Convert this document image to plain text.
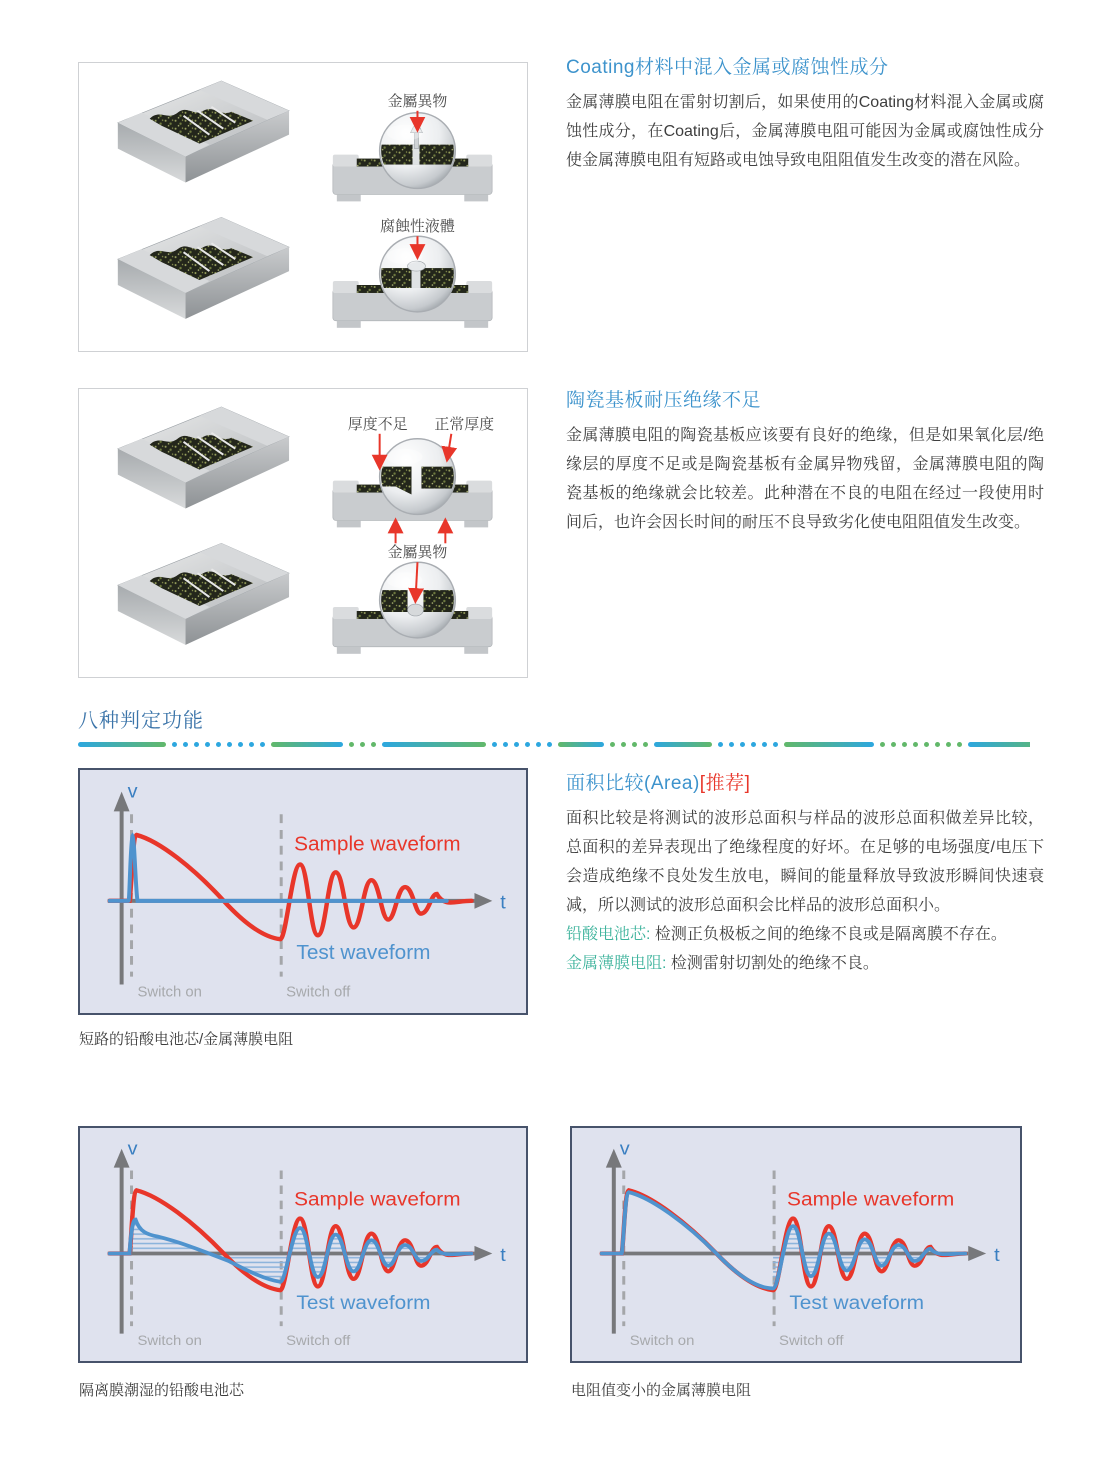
金屬異物
腐蝕性液體
Coating材料中混入金属或腐蚀性成分

金属薄膜电阻在雷射切割后，如果使用的Coating材料混入金属或腐蚀性成分，在Coating后，金属薄膜电阻可能因为金属或腐蚀性成分使金属薄膜电阻有短路或电蚀导致电阻阻值发生改变的潜在风险。

厚度不足 正常厚度
金屬異物
陶瓷基板耐压绝缘不足

金属薄膜电阻的陶瓷基板应该要有良好的绝缘，但是如果氧化层/绝缘层的厚度不足或是陶瓷基板有金属异物残留，金属薄膜电阻的陶瓷基板的绝缘就会比较差。此种潜在不良的电阻在经过一段使用时间后，也许会因长时间的耐压不良导致劣化使电阻阻值发生改变。

八种判定功能
v
t
Sample waveform
Test waveform
Switch on	Switch off
短路的铅酸电池芯/金属薄膜电阻
面积比较(Area)[推荐]

面积比较是将测试的波形总面积与样品的波形总面积做差异比较，总面积的差异表现出了绝缘程度的好坏。在足够的电场强度/电压下会造成绝缘不良处发生放电，瞬间的能量释放导致波形瞬间快速衰减，所以测试的波形总面积会比样品的波形总面积小。

铅酸电池芯: 检测正负极板之间的绝缘不良或是隔离膜不存在。

金属薄膜电阻: 检测雷射切割处的绝缘不良。

v
t
Sample waveform
Test waveform
Switch on	Switch off
隔离膜潮湿的铅酸电池芯
v
t
Sample waveform
Test waveform
Switch on	Switch off
电阻值变小的金属薄膜电阻
